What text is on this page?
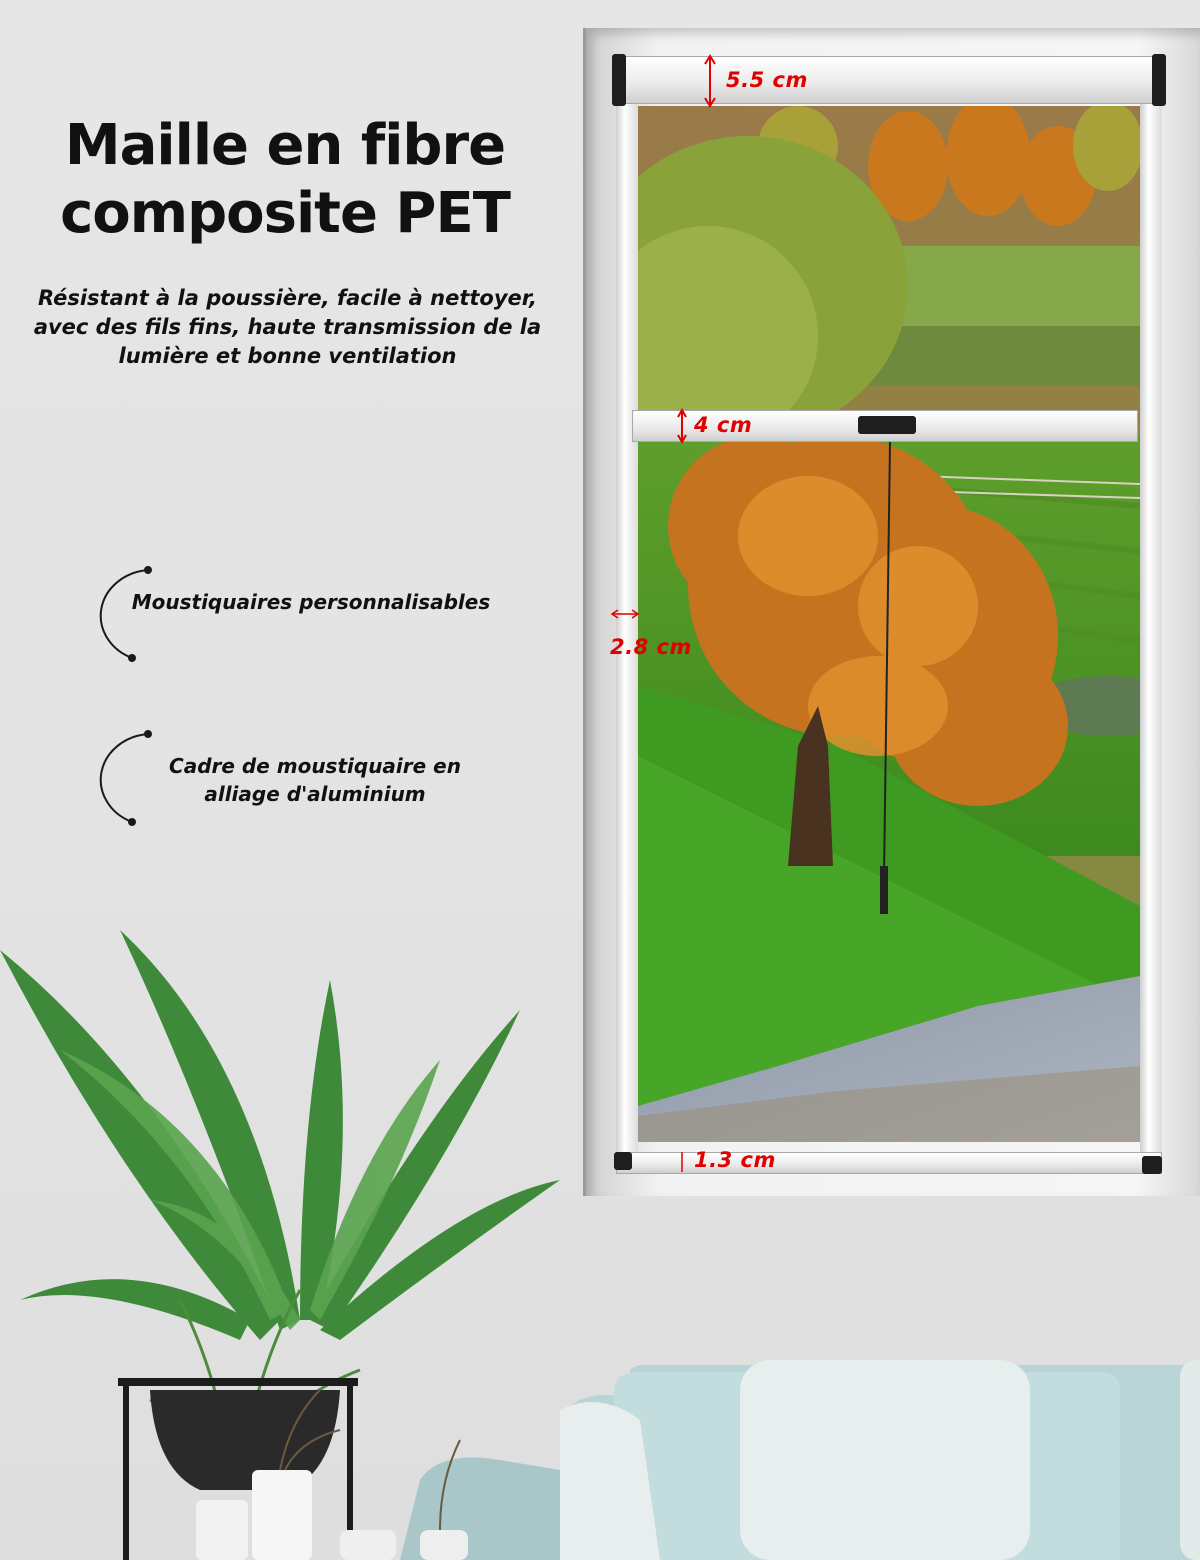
Maille en fibre
composite PET
Résistant à la poussière, facile à nettoyer, avec des fils fins, haute transmission de la lumière et bonne ventilation
Moustiquaires personnalisables
Cadre de moustiquaire en
alliage d'aluminium
5.5 cm
4 cm
2.8 cm
1.3 cm
